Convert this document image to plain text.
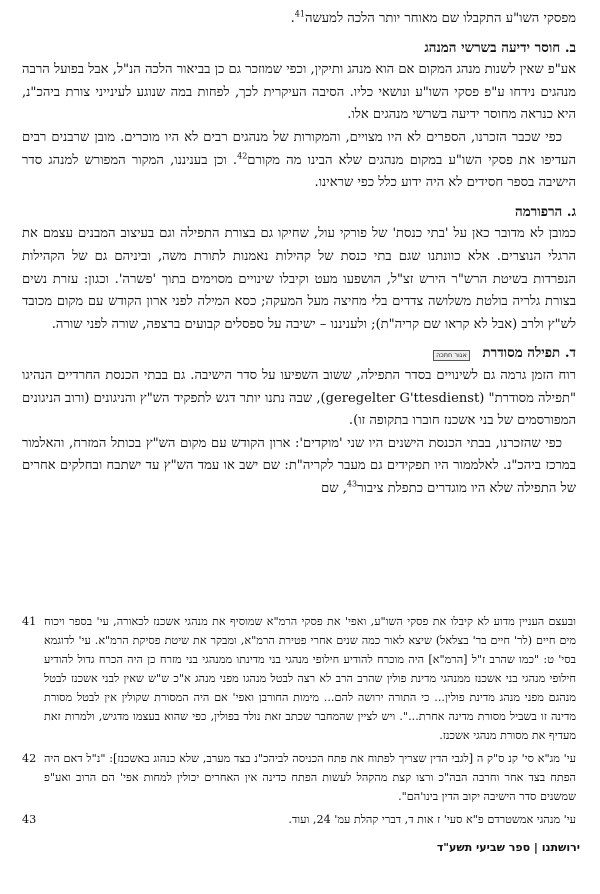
מפסקי השו"ע התקבלו שם מאוחר יותר הלכה למעשה$^{41}$.

ב. חוסר ידיעה בשרשי המנהג

אע"פ שאין לשנות מנהג המקום אם הוא מנהג ותיקין, וכפי שמוזכר גם כן בביאור הלכה הנ"ל, אבל בפועל הרבה מנהגים נידחו ע"פ פסקי השו"ע ונושאי כליו. הסיבה העיקרית לכך, לפחות במה שנוגע לעינייני צורת ביהכ"נ, היא כנראה מחוסר ידיעה בשרשי מנהגים אלו.

כפי שכבר הזכרנו, הספרים לא היו מצויים, והמקורות של מנהגים רבים לא היו מוכרים. מובן שרבנים רבים העדיפו את פסקי השו"ע במקום מנהגים שלא הבינו מה מקורם$^{42}$. וכן בעניננו, המקור המפורש למנהג סדר הישיבה בספר חסידים לא היה ידוע כלל כפי שראינו.

ג. הרפורמה

כמובן לא מדובר כאן על 'בתי כנסת' של פורקי עול, שחיקו גם בצורת התפילה וגם בעיצוב המבנים עצמם את הרגלי הנוצרים. אלא כוונתנו שגם בתי כנסת של קהילות נאמנות לתורת משה, וביניהם גם של הקהילות הנפרדות בשיטת הרש"ר הירש זצ"ל, הושפעו מעט וקיבלו שינויים מסוימים בתוך 'פשרה'. וכגון: עזרת נשים בצורת גלריה בולטת משלושה צדדים בלי מחיצה מעל המעקה; כסא המילה לפני ארון הקודש עם מקום מכובד לש"ץ ולרב (אבל לא קראו שם קריה"ת); ולעניננו – ישיבה על ספסלים קבועים ברצפה, שורה לפני שורה.

ד. תפילה מסודרת אגור חתכה

רוח הזמן גרמה גם לשינויים בסדר התפילה, ששוב השפיעו על סדר הישיבה. גם בבתי הכנסת החרדיים הנהיגו "תפילה מסודרת" (geregelter G'ttesdienst), שבה נתנו יותר דגש לתפקיד הש"ץ והניגונים (ורוב הניגונים המפורסמים של בני אשכנז חוברו בתקופה זו).

כפי שהזכרנו, בבתי הכנסת הישנים היו שני 'מוקדים': ארון הקודש עם מקום הש"ץ בכותל המזרח, והאלמור במרכז ביהכ"נ. לאלממור היו תפקידים גם מעבר לקריה"ת: שם ישב או עמד הש"ץ עד ישתבח ובחלקים אחרים של התפילה שלא היו מוגדרים כתפלת ציבור$^{43}$, שם

41 ובעצם העניין מדוע לא קיבלו את פסקי השו"ע, ואפי' את פסקי הרמ"א שמוסיף את מנהגי אשכנז לכאורה, עי' בספר ויכוח מים חיים (לר' חיים בר' בצלאל) שיצא לאור כמה שנים אחרי פטירת הרמ"א, ומבקר את שיטת פסיקת הרמ"א. עי' לדוגמא בסי' ט: "כמו שהרב ז"ל [הרמ"א] היה מוכרח להודיע חילופי מנהגי בני מדינתו ממנהגי בני מזרח כן היה הכרח גדול להודיע חילופי מנהגי בני אשכנז ממנהגי מדינת פולין שהרב הרב לא רצה לבטל מנהגו מפני מנהג א"כ ש"ש שאין לבני אשכנז לבטל מנהגם מפני מנהג מדינת פולין... כי התורה ירושה להם... מימות החורבן ואפי' אם היה המסורת שקולין אין לבטל מסורת מדינה זו בשביל מסורת מדינה אחרת...". ויש לציין שהמחבר שכתב זאת נולד בפולין, כפי שהוא בעצמו מדגיש, ולמרות זאת מעדיף את מסורת מנהגי אשכנז.
42 עי' מג"א סי' קנ ס"ק ה [לגבי הדין שצריך לפתוח את פתח הכניסה לביהכ"נ בצד מערב, שלא כנהוג באשכנז]: "נ"ל דאם היה הפתח בצד אחר וחרבה הבה"כ ורצו קצת מהקהל לעשות הפתח כדינה אין האחרים יכולין למחות אפי' הם הרוב ואע"פ שמשנים סדר הישיבה יקוב הדין בינו'הם".
43	עי' מנהגי אמשטרדם פ"א סעי' ז אות ד, דברי קהלת עמ' 24, ועוד.
ירושתנו | ספר שביעי תשע"ד
